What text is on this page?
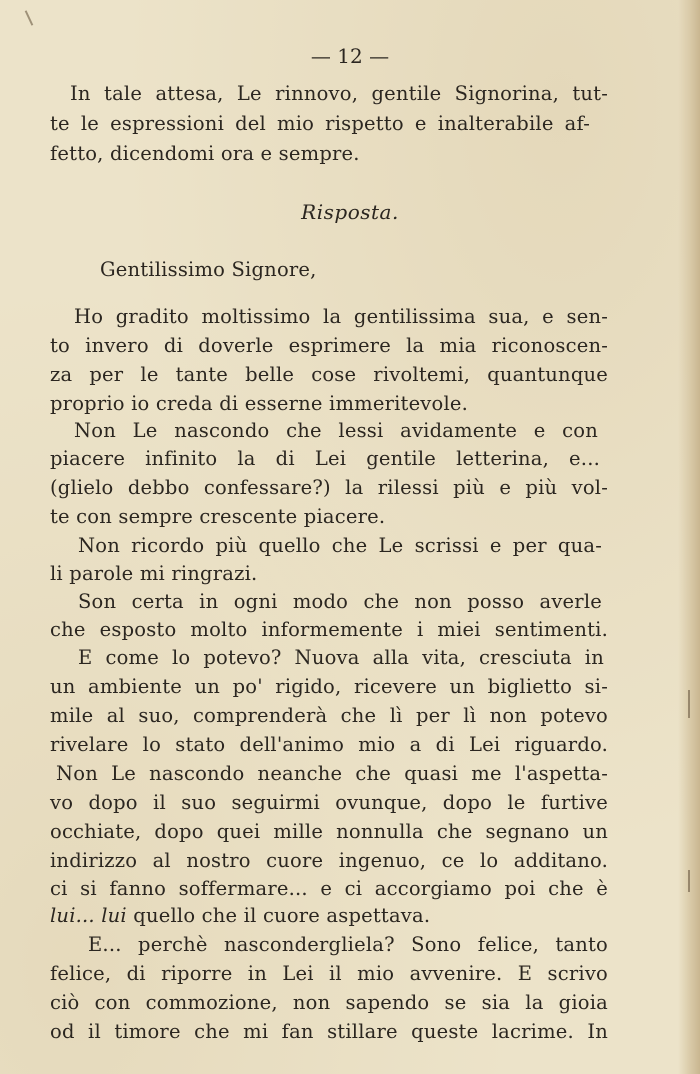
— 12 —
In tale attesa, Le rinnovo, gentile Signorina, tut-
te le espressioni del mio rispetto e inalterabile af-
fetto, dicendomi ora e sempre.
Risposta.
Gentilissimo Signore,
Ho gradito moltissimo la gentilissima sua, e sen-
to invero di doverle esprimere la mia riconoscen-
za per le tante belle cose rivoltemi, quantunque
proprio io creda di esserne immeritevole.
Non Le nascondo che lessi avidamente e con
piacere infinito la di Lei gentile letterina, e...
(glielo debbo confessare?) la rilessi più e più vol-
te con sempre crescente piacere.
Non ricordo più quello che Le scrissi e per qua-
li parole mi ringrazi.
Son certa in ogni modo che non posso averle
che esposto molto informemente i miei sentimenti.
E come lo potevo? Nuova alla vita, cresciuta in
un ambiente un po' rigido, ricevere un biglietto si-
mile al suo, comprenderà che lì per lì non potevo
rivelare lo stato dell'animo mio a di Lei riguardo.
Non Le nascondo neanche che quasi me l'aspetta-
vo dopo il suo seguirmi ovunque, dopo le furtive
occhiate, dopo quei mille nonnulla che segnano un
indirizzo al nostro cuore ingenuo, ce lo additano.
ci si fanno soffermare... e ci accorgiamo poi che è
lui... lui quello che il cuore aspettava.
E... perchè nascondergliela? Sono felice, tanto
felice, di riporre in Lei il mio avvenire. E scrivo
ciò con commozione, non sapendo se sia la gioia
od il timore che mi fan stillare queste lacrime. In
